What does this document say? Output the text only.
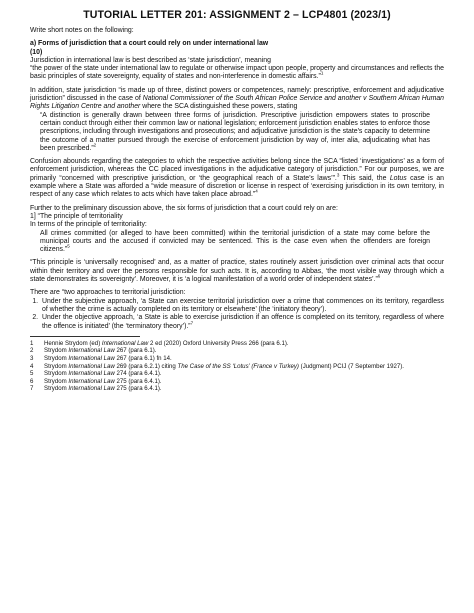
TUTORIAL LETTER 201: ASSIGNMENT 2 – LCP4801 (2023/1)

Write short notes on the following:

a) Forms of jurisdiction that a court could rely on under international law
(10)

Jurisdiction in international law is best described as ‘state jurisdiction’, meaning

“the power of the state under international law to regulate or otherwise impact upon people, property and circumstances and reflects the basic principles of state sovereignty, equality of states and non-interference in domestic affairs.”$^1$

In addition, state jurisdiction “is made up of three, distinct powers or competences, namely: prescriptive, enforcement and adjudicative jurisdiction” discussed in the case of National Commissioner of the South African Police Service and another v Southern African Human Rights Litigation Centre and another where the SCA distinguished these powers, stating

“A distinction is generally drawn between three forms of jurisdiction. Prescriptive jurisdiction empowers states to proscribe certain conduct through either their common law or national legislation; enforcement jurisdiction enables states to enforce those prescriptions, including through investigations and prosecutions; and adjudicative jurisdiction is the state's capacity to determine the outcome of a matter pursued through the exercise of enforcement jurisdiction by way of, inter alia, adjudicating what has been prescribed.”$^2$

Confusion abounds regarding the categories to which the respective activities belong since the SCA “listed ‘investigations’ as a form of enforcement jurisdiction, whereas the CC placed investigations in the adjudicative category of jurisdiction.” For our purposes, we are primarily “concerned with prescriptive jurisdiction, or ‘the geographical reach of a State’s laws’”.$^3$ This said, the Lotus case is an example where a State was afforded a “wide measure of discretion or license in respect of ‘exercising jurisdiction in its own territory, in respect of any case which relates to acts which have taken place abroad.”$^4$

Further to the preliminary discussion above, the six forms of jurisdiction that a court could rely on are:

1] “The principle of territoriality

In terms of the principle of territoriality:

All crimes committed (or alleged to have been committed) within the territorial jurisdiction of a state may come before the municipal courts and the accused if convicted may be sentenced. This is the case even when the offenders are foreign citizens.”$^5$

“This principle is ‘universally recognised’ and, as a matter of practice, states routinely assert jurisdiction over criminal acts that occur within their territory and over the persons responsible for such acts. It is, according to Abbas, ‘the most visible way through which a state demonstrates its sovereignty’. Moreover, it is ‘a logical manifestation of a world order of independent states’.”$^6$

There are “two approaches to territorial jurisdiction:

1. Under the subjective approach, ‘a State can exercise territorial jurisdiction over a crime that commences on its territory, regardless of whether the crime is actually completed on its territory or elsewhere’ (the ‘initiatory theory’).
2. Under the objective approach, ‘a State is able to exercise jurisdiction if an offence is completed on its territory, regardless of where the offence is initiated’ (the ‘terminatory theory’).”$^7$
1	Hennie Strydom (ed) International Law 2 ed (2020) Oxford University Press 266 (para 6.1).
2	Strydom International Law 267 (para 6.1).
3	Strydom International Law 267 (para 6.1) fn 14.
4	Strydom International Law 269 (para 6.2.1) citing The Case of the SS ‘Lotus’ (France v Turkey) (Judgment) PCIJ (7 September 1927).
5	Strydom International Law 274 (para 6.4.1).
6	Strydom International Law 275 (para 6.4.1).
7	Strydom International Law 275 (para 6.4.1).
